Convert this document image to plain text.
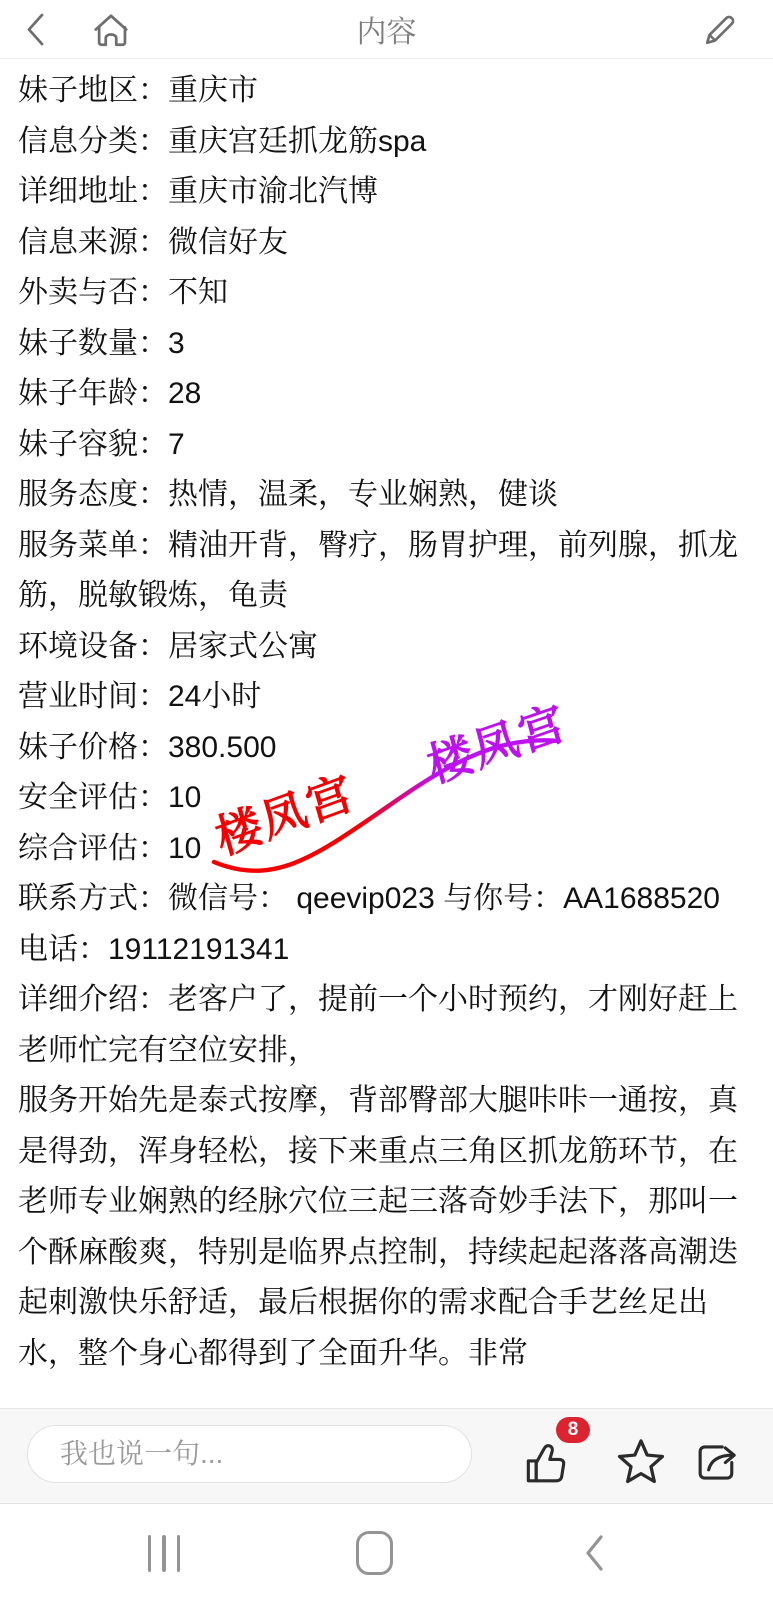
内容

妹子地区：重庆市

信息分类：重庆宫廷抓龙筋spa

详细地址：重庆市渝北汽博

信息来源：微信好友

外卖与否：不知

妹子数量：3

妹子年龄：28

妹子容貌：7

服务态度：热情，温柔，专业娴熟，健谈

服务菜单：精油开背，臀疗，肠胃护理，前列腺，抓龙筋，脱敏锻炼，龟责

环境设备：居家式公寓

营业时间：24小时

妹子价格：380.500

安全评估：10

综合评估：10

联系方式：微信号： qeevip023 与你号：AA1688520

电话：19112191341

详细介绍：老客户了，提前一个小时预约，才刚好赶上老师忙完有空位安排，

服务开始先是泰式按摩，背部臀部大腿咔咔一通按，真是得劲，浑身轻松，接下来重点三角区抓龙筋环节，在老师专业娴熟的经脉穴位三起三落奇妙手法下，那叫一个酥麻酸爽，特别是临界点控制，持续起起落落高潮迭起刺激快乐舒适，最后根据你的需求配合手艺丝足出水，整个身心都得到了全面升华。非常

楼凤宫
楼凤宫
我也说一句...
8
